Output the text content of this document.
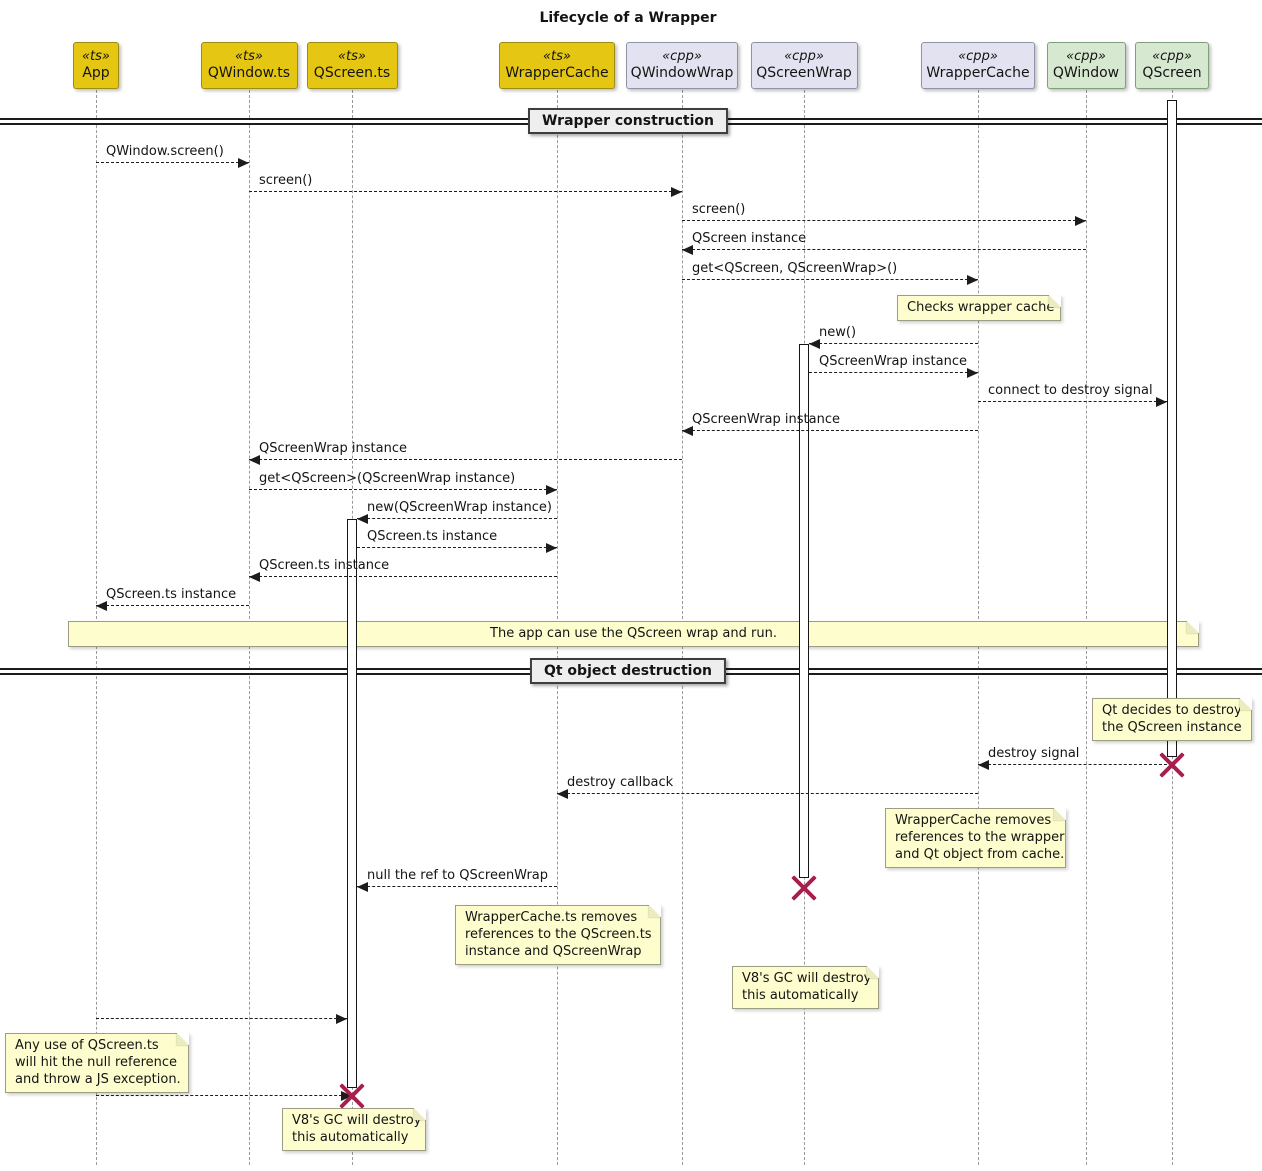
Lifecycle of a Wrapper
Wrapper construction
Qt object destruction
Checks wrapper cache
The app can use the QScreen wrap and run.
Qt decides to destroy
the QScreen instance
WrapperCache removes
references to the wrapper
and Qt object from cache.
WrapperCache.ts removes
references to the QScreen.ts
instance and QScreenWrap
V8's GC will destroy
this automatically
Any use of QScreen.ts
will hit the null reference
and throw a JS exception.
V8's GC will destroy
this automatically
QWindow.screen()
screen()
screen()
QScreen instance
get<QScreen, QScreenWrap>()
new()
QScreenWrap instance
connect to destroy signal
QScreenWrap instance
QScreenWrap instance
get<QScreen>(QScreenWrap instance)
new(QScreenWrap instance)
QScreen.ts instance
QScreen.ts instance
QScreen.ts instance
destroy signal
destroy callback
null the ref to QScreenWrap
«ts»
App
«ts»
QWindow.ts
«ts»
QScreen.ts
«ts»
WrapperCache
«cpp»
QWindowWrap
«cpp»
QScreenWrap
«cpp»
WrapperCache
«cpp»
QWindow
«cpp»
QScreen
